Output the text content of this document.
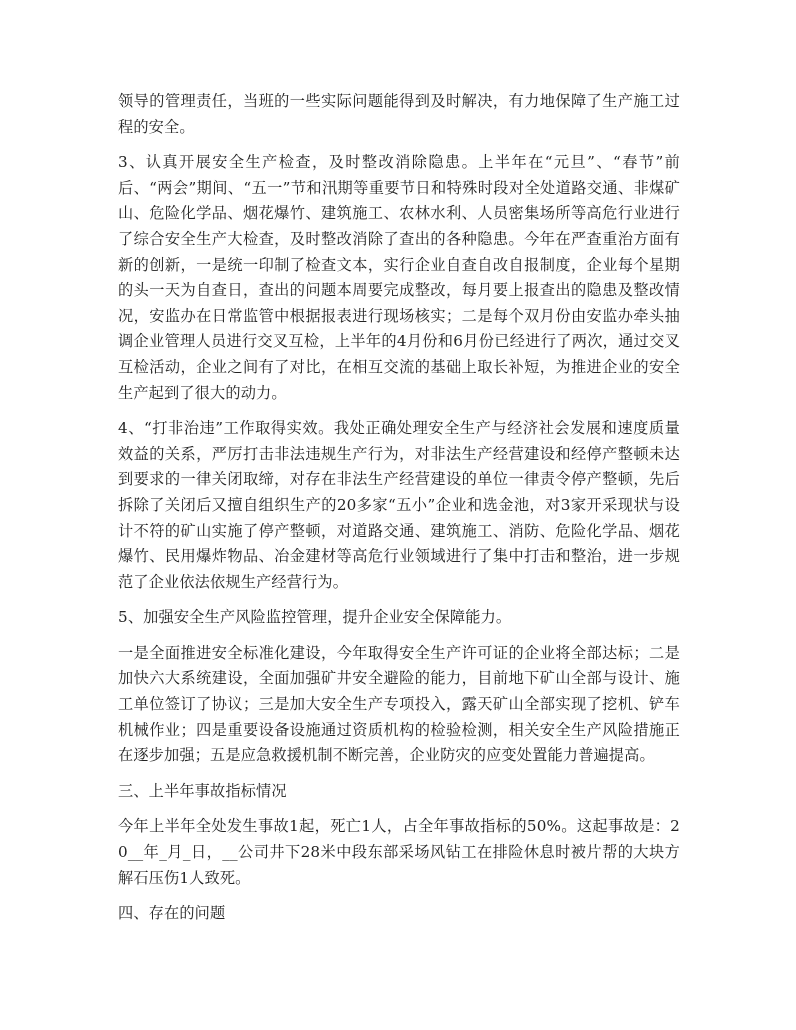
领导的管理责任，当班的一些实际问题能得到及时解决，有力地保障了生产施工过程的安全。

3、认真开展安全生产检查，及时整改消除隐患。上半年在“元旦”、“春节”前后、“两会”期间、“五一”节和汛期等重要节日和特殊时段对全处道路交通、非煤矿山、危险化学品、烟花爆竹、建筑施工、农林水利、人员密集场所等高危行业进行了综合安全生产大检查，及时整改消除了查出的各种隐患。今年在严查重治方面有新的创新，一是统一印制了检查文本，实行企业自查自改自报制度，企业每个星期的头一天为自查日，查出的问题本周要完成整改，每月要上报查出的隐患及整改情况，安监办在日常监管中根据报表进行现场核实；二是每个双月份由安监办牵头抽调企业管理人员进行交叉互检，上半年的4月份和6月份已经进行了两次，通过交叉互检活动，企业之间有了对比，在相互交流的基础上取长补短，为推进企业的安全生产起到了很大的动力。

4、“打非治违”工作取得实效。我处正确处理安全生产与经济社会发展和速度质量效益的关系，严厉打击非法违规生产行为，对非法生产经营建设和经停产整顿未达到要求的一律关闭取缔，对存在非法生产经营建设的单位一律责令停产整顿，先后拆除了关闭后又擅自组织生产的20多家“五小”企业和选金池，对3家开采现状与设计不符的矿山实施了停产整顿，对道路交通、建筑施工、消防、危险化学品、烟花爆竹、民用爆炸物品、冶金建材等高危行业领域进行了集中打击和整治，进一步规范了企业依法依规生产经营行为。

5、加强安全生产风险监控管理，提升企业安全保障能力。

一是全面推进安全标准化建设，今年取得安全生产许可证的企业将全部达标；二是加快六大系统建设，全面加强矿井安全避险的能力，目前地下矿山全部与设计、施工单位签订了协议；三是加大安全生产专项投入，露天矿山全部实现了挖机、铲车机械作业；四是重要设备设施通过资质机构的检验检测，相关安全生产风险措施正在逐步加强；五是应急救援机制不断完善，企业防灾的应变处置能力普遍提高。

三、上半年事故指标情况

今年上半年全处发生事故1起，死亡1人，占全年事故指标的50%。这起事故是：20__年_月_日，__公司井下28米中段东部采场风钻工在排险休息时被片帮的大块方解石压伤1人致死。

四、存在的问题
